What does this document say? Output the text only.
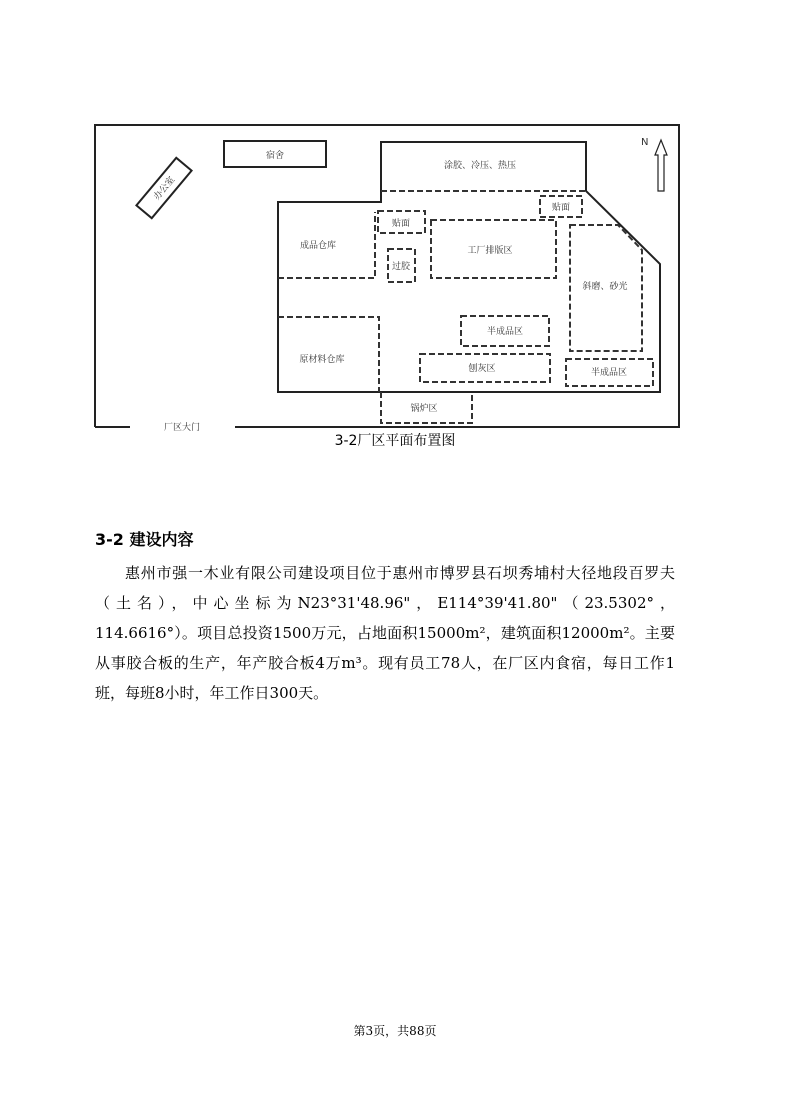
N
宿舍
办公室
涂胶、冷压、热压
贴面
贴面
成品仓库
过胶
工厂排版区
斜磨、砂光
半成品区
原材料仓库
刨灰区	半成品区
锅炉区
厂区大门
3-2厂区平面布置图
3-2 建设内容

惠州市强一木业有限公司建设项目位于惠州市博罗县石坝秀埔村大径地段百罗夫（土名），中心坐标为N23°31'48.96"，E114°39'41.80"（23.5302°，114.6616°）。项目总投资1500万元，占地面积15000m²，建筑面积12000m²。主要从事胶合板的生产，年产胶合板4万m³。现有员工78人，在厂区内食宿，每日工作1班，每班8小时，年工作日300天。

第3页，共88页
